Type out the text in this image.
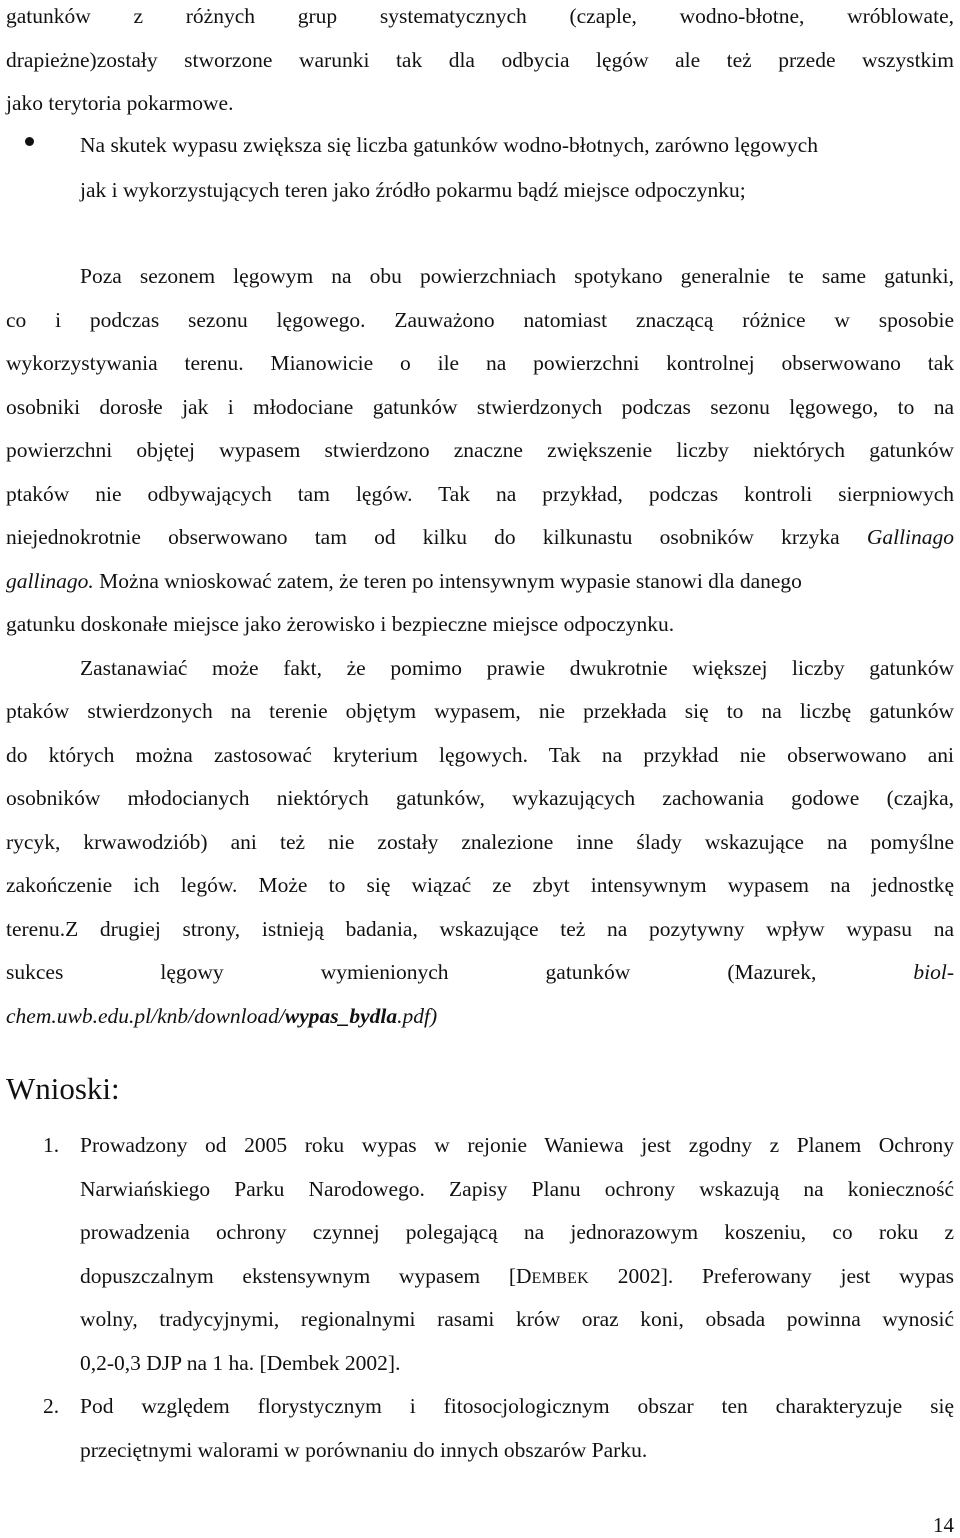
gatunków z różnych grup systematycznych (czaple, wodno-błotne, wróblowate,
drapieżne)zostały stworzone warunki tak dla odbycia lęgów ale też przede wszystkim
jako terytoria pokarmowe.
Na skutek wypasu zwiększa się liczba gatunków wodno-błotnych, zarówno lęgowych
jak i wykorzystujących teren jako źródło pokarmu bądź miejsce odpoczynku;
Poza sezonem lęgowym na obu powierzchniach spotykano generalnie te same gatunki,
co i podczas sezonu lęgowego. Zauważono natomiast znaczącą różnice w sposobie
wykorzystywania terenu. Mianowicie o ile na powierzchni kontrolnej obserwowano tak
osobniki dorosłe jak i młodociane gatunków stwierdzonych podczas sezonu lęgowego, to na
powierzchni objętej wypasem stwierdzono znaczne zwiększenie liczby niektórych gatunków
ptaków nie odbywających tam lęgów. Tak na przykład, podczas kontroli sierpniowych
niejednokrotnie obserwowano tam od kilku do kilkunastu osobników krzyka Gallinago
gallinago. Można wnioskować zatem, że teren po intensywnym wypasie stanowi dla danego
gatunku doskonałe miejsce jako żerowisko i bezpieczne miejsce odpoczynku.
Zastanawiać może fakt, że pomimo prawie dwukrotnie większej liczby gatunków
ptaków stwierdzonych na terenie objętym wypasem, nie przekłada się to na liczbę gatunków
do których można zastosować kryterium lęgowych. Tak na przykład nie obserwowano ani
osobników młodocianych niektórych gatunków, wykazujących zachowania godowe (czajka,
rycyk, krwawodziób) ani też nie zostały znalezione inne ślady wskazujące na pomyślne
zakończenie ich legów. Może to się wiązać ze zbyt intensywnym wypasem na jednostkę
terenu.Z drugiej strony, istnieją badania, wskazujące też na pozytywny wpływ wypasu na
sukces lęgowy wymienionych gatunków (Mazurek,	biol-
chem.uwb.edu.pl/knb/download/wypas_bydla.pdf)
Wnioski:
1. Prowadzony od 2005 roku wypas w rejonie Waniewa jest zgodny z Planem Ochrony
Narwiańskiego Parku Narodowego. Zapisy Planu ochrony wskazują na konieczność
prowadzenia ochrony czynnej polegającą na jednorazowym koszeniu, co roku z
dopuszczalnym ekstensywnym wypasem [DEMBEK 2002]. Preferowany jest wypas
wolny, tradycyjnymi, regionalnymi rasami krów oraz koni, obsada powinna wynosić
0,2-0,3 DJP na 1 ha. [Dembek 2002].
2. Pod względem florystycznym i fitosocjologicznym obszar ten charakteryzuje się
przeciętnymi walorami w porównaniu do innych obszarów Parku.
14
